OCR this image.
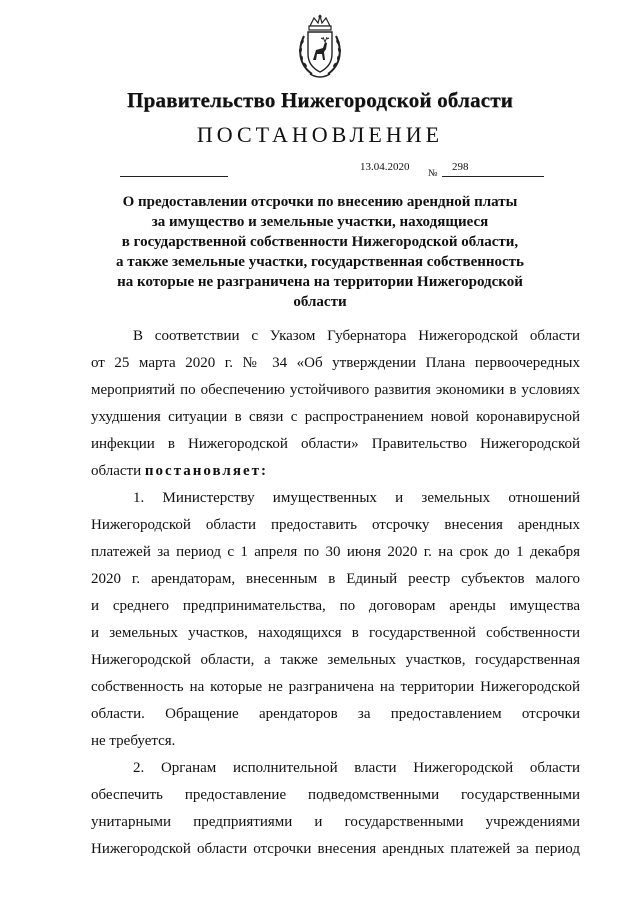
Правительство Нижегородской области
ПОСТАНОВЛЕНИЕ
13.04.2020
№
298
О предоставлении отсрочки по внесению арендной платы
за имущество и земельные участки, находящиеся
в государственной собственности Нижегородской области,
а также земельные участки, государственная собственность
на которые не разграничена на территории Нижегородской
области
В соответствии с Указом Губернатора Нижегородской области
от 25 марта 2020 г. № 34 «Об утверждении Плана первоочередных
мероприятий по обеспечению устойчивого развития экономики в условиях
ухудшения ситуации в связи с распространением новой коронавирусной
инфекции в Нижегородской области» Правительство Нижегородской
области постановляет:
1. Министерству имущественных и земельных отношений
Нижегородской области предоставить отсрочку внесения арендных
платежей за период с 1 апреля по 30 июня 2020 г. на срок до 1 декабря
2020 г. арендаторам, внесенным в Единый реестр субъектов малого
и среднего предпринимательства, по договорам аренды имущества
и земельных участков, находящихся в государственной собственности
Нижегородской области, а также земельных участков, государственная
собственность на которые не разграничена на территории Нижегородской
области. Обращение арендаторов за предоставлением отсрочки
не требуется.
2. Органам исполнительной власти Нижегородской области
обеспечить предоставление подведомственными государственными
унитарными предприятиями и государственными учреждениями
Нижегородской области отсрочки внесения арендных платежей за период
